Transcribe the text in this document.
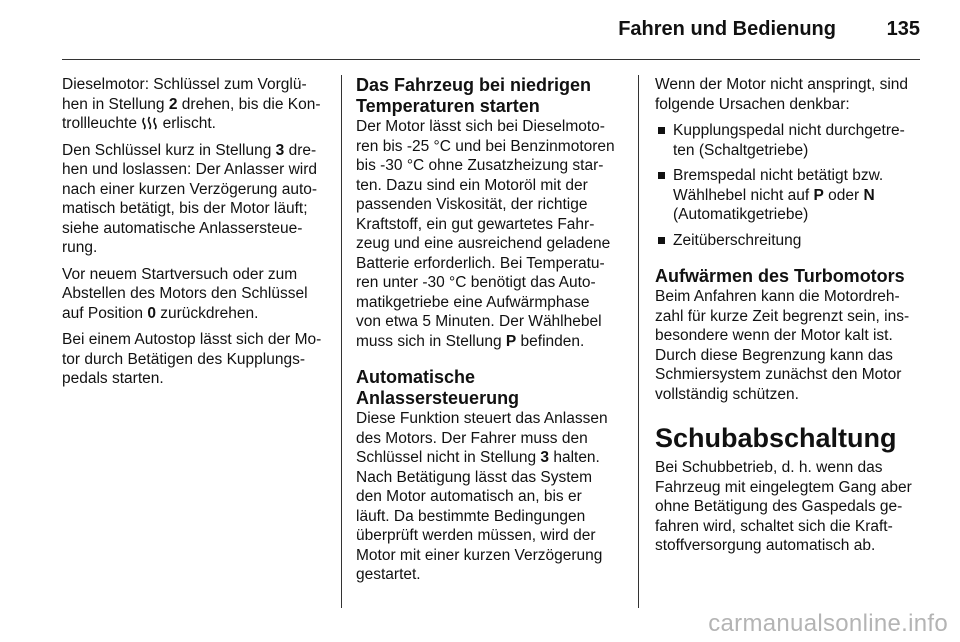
Fahren und Bedienung	135

Dieselmotor: Schlüssel zum Vorglü-
hen in Stellung 2 drehen, bis die Kon-
trollleuchte  erlischt.

Den Schlüssel kurz in Stellung 3 dre-
hen und loslassen: Der Anlasser wird
nach einer kurzen Verzögerung auto-
matisch betätigt, bis der Motor läuft;
siehe automatische Anlassersteue-
rung.

Vor neuem Startversuch oder zum
Abstellen des Motors den Schlüssel
auf Position 0 zurückdrehen.

Bei einem Autostop lässt sich der Mo-
tor durch Betätigen des Kupplungs-
pedals starten.

Das Fahrzeug bei niedrigen
Temperaturen starten

Der Motor lässt sich bei Dieselmoto-
ren bis -25 °C und bei Benzinmotoren
bis -30 °C ohne Zusatzheizung star-
ten. Dazu sind ein Motoröl mit der
passenden Viskosität, der richtige
Kraftstoff, ein gut gewartetes Fahr-
zeug und eine ausreichend geladene
Batterie erforderlich. Bei Temperatu-
ren unter -30 °C benötigt das Auto-
matikgetriebe eine Aufwärmphase
von etwa 5 Minuten. Der Wählhebel
muss sich in Stellung P befinden.

Automatische
Anlassersteuerung

Diese Funktion steuert das Anlassen
des Motors. Der Fahrer muss den
Schlüssel nicht in Stellung 3 halten.
Nach Betätigung lässt das System
den Motor automatisch an, bis er
läuft. Da bestimmte Bedingungen
überprüft werden müssen, wird der
Motor mit einer kurzen Verzögerung
gestartet.

Wenn der Motor nicht anspringt, sind
folgende Ursachen denkbar:

Kupplungspedal nicht durchgetre-
ten (Schaltgetriebe)
Bremspedal nicht betätigt bzw.
Wählhebel nicht auf P oder N
(Automatikgetriebe)
Zeitüberschreitung
Aufwärmen des Turbomotors

Beim Anfahren kann die Motordreh-
zahl für kurze Zeit begrenzt sein, ins-
besondere wenn der Motor kalt ist.
Durch diese Begrenzung kann das
Schmiersystem zunächst den Motor
vollständig schützen.

Schubabschaltung

Bei Schubbetrieb, d. h. wenn das
Fahrzeug mit eingelegtem Gang aber
ohne Betätigung des Gaspedals ge-
fahren wird, schaltet sich die Kraft-
stoffversorgung automatisch ab.

carmanualsonline.info
